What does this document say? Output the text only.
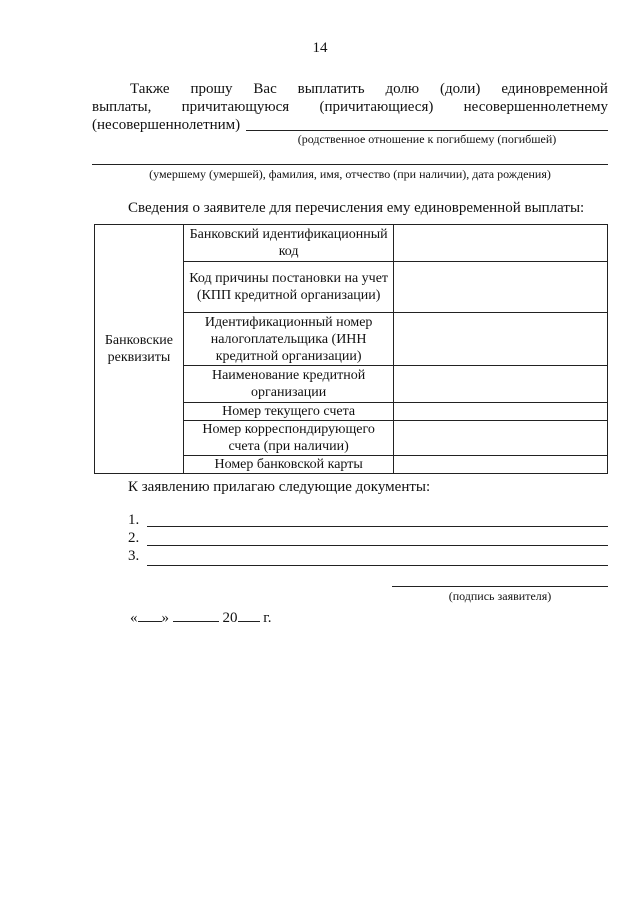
14
Также прошу Вас выплатить долю (доли) единовременной
выплаты, причитающуюся (причитающиеся) несовершеннолетнему
(несовершеннолетним)
(родственное отношение к погибшему (погибшей)
(умершему (умершей), фамилия, имя, отчество (при наличии), дата рождения)
Сведения о заявителе для перечисления ему единовременной выплаты:
Банковские реквизиты	Банковский идентификационный код	
	Код причины постановки на учет (КПП кредитной организации)	
	Идентификационный номер налогоплательщика (ИНН кредитной организации)	
	Наименование кредитной организации	
	Номер текущего счета	
	Номер корреспондирующего счета (при наличии)	
	Номер банковской карты	
К заявлению прилагаю следующие документы:
1.
2.
3.
(подпись заявителя)
« »

	20
г.
